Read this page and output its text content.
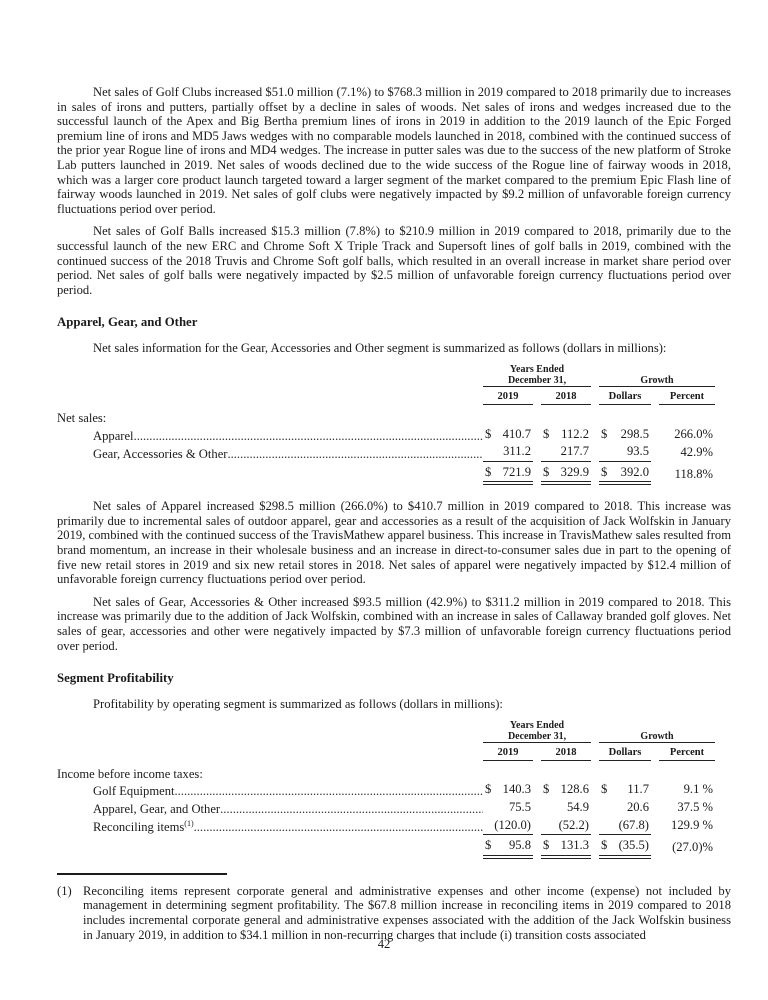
Net sales of Golf Clubs increased $51.0 million (7.1%) to $768.3 million in 2019 compared to 2018 primarily due to increases in sales of irons and putters, partially offset by a decline in sales of woods. Net sales of irons and wedges increased due to the successful launch of the Apex and Big Bertha premium lines of irons in 2019 in addition to the 2019 launch of the Epic Forged premium line of irons and MD5 Jaws wedges with no comparable models launched in 2018, combined with the continued success of the prior year Rogue line of irons and MD4 wedges. The increase in putter sales was due to the success of the new platform of Stroke Lab putters launched in 2019. Net sales of woods declined due to the wide success of the Rogue line of fairway woods in 2018, which was a larger core product launch targeted toward a larger segment of the market compared to the premium Epic Flash line of fairway woods launched in 2019. Net sales of golf clubs were negatively impacted by $9.2 million of unfavorable foreign currency fluctuations period over period.

Net sales of Golf Balls increased $15.3 million (7.8%) to $210.9 million in 2019 compared to 2018, primarily due to the successful launch of the new ERC and Chrome Soft X Triple Track and Supersoft lines of golf balls in 2019, combined with the continued success of the 2018 Truvis and Chrome Soft golf balls, which resulted in an overall increase in market share period over period. Net sales of golf balls were negatively impacted by $2.5 million of unfavorable foreign currency fluctuations period over period.

Apparel, Gear, and Other

Net sales information for the Gear, Accessories and Other segment is summarized as follows (dollars in millions):

	Years Ended
December 31,				Growth		
	2019		2018		Dollars		Percent

Net sales:							

Apparel
.....	$ 410.7		$ 112.2		$ 298.5		266.0%

Gear, Accessories & Other
.....	311.2		217.7		93.5		42.9%

	$ 721.9		$ 329.9		$ 392.0		118.8%

Net sales of Apparel increased $298.5 million (266.0%) to $410.7 million in 2019 compared to 2018. This increase was primarily due to incremental sales of outdoor apparel, gear and accessories as a result of the acquisition of Jack Wolfskin in January 2019, combined with the continued success of the TravisMathew apparel business. This increase in TravisMathew sales resulted from brand momentum, an increase in their wholesale business and an increase in direct-to-consumer sales due in part to the opening of five new retail stores in 2019 and six new retail stores in 2018. Net sales of apparel were negatively impacted by $12.4 million of unfavorable foreign currency fluctuations period over period.

Net sales of Gear, Accessories & Other increased $93.5 million (42.9%) to $311.2 million in 2019 compared to 2018. This increase was primarily due to the addition of Jack Wolfskin, combined with an increase in sales of Callaway branded golf gloves. Net sales of gear, accessories and other were negatively impacted by $7.3 million of unfavorable foreign currency fluctuations period over period.

Segment Profitability

Profitability by operating segment is summarized as follows (dollars in millions):

	Years Ended
December 31,				Growth		
	2019		2018		Dollars		Percent

Income before income taxes:							

Golf Equipment
.....	$ 140.3		$ 128.6		$ 11.7		9.1 %

Apparel, Gear, and Other
.....	75.5		54.9		20.6		37.5 %

Reconciling items$^{(1)}$
.....	(120.0)		(52.2)		(67.8)		129.9 %

	$ 95.8		$ 131.3		$ (35.5)		(27.0)%
(1) Reconciling items represent corporate general and administrative expenses and other income (expense) not included by management in determining segment profitability. The $67.8 million increase in reconciling items in 2019 compared to 2018 includes incremental corporate general and administrative expenses associated with the addition of the Jack Wolfskin business in January 2019, in addition to $34.1 million in non-recurring charges that include (i) transition costs associated
42
